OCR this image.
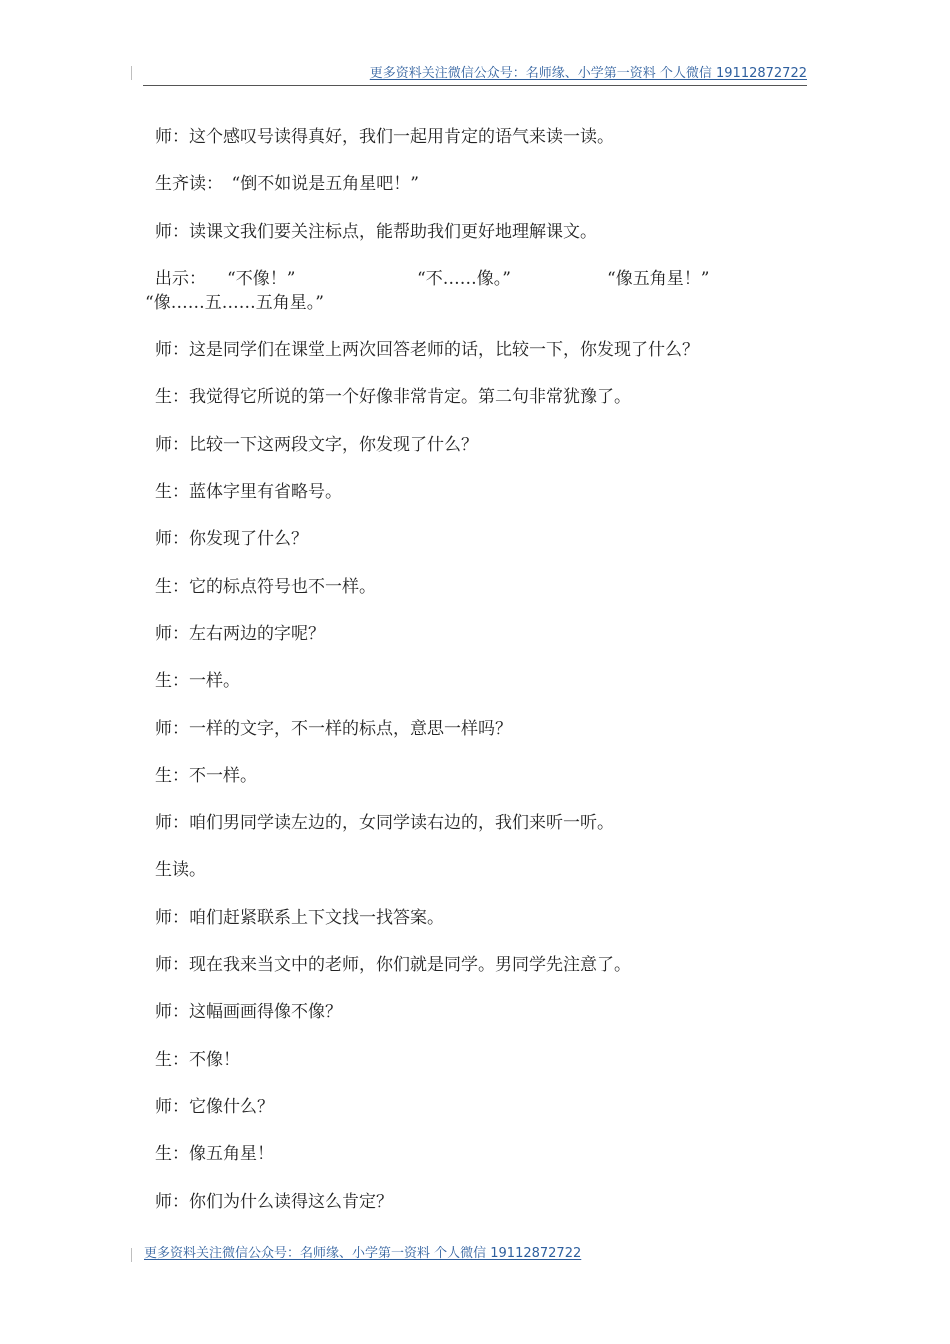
更多资料关注微信公众号：名师缘、小学第一资料 个人微信 19112872722

师：这个感叹号读得真好，我们一起用肯定的语气来读一读。

生齐读：　“倒不如说是五角星吧！”

师：读课文我们要关注标点，能帮助我们更好地理解课文。

出示： “不像！”	“不……像。”	“像五角星！”
“像……五……五角星。”

师：这是同学们在课堂上两次回答老师的话，比较一下，你发现了什么？

生：我觉得它所说的第一个好像非常肯定。第二句非常犹豫了。

师：比较一下这两段文字，你发现了什么？

生：蓝体字里有省略号。

师：你发现了什么？

生：它的标点符号也不一样。

师：左右两边的字呢？

生：一样。

师：一样的文字，不一样的标点，意思一样吗？

生：不一样。

师：咱们男同学读左边的，女同学读右边的，我们来听一听。

生读。

师：咱们赶紧联系上下文找一找答案。

师：现在我来当文中的老师，你们就是同学。男同学先注意了。

师：这幅画画得像不像？

生：不像！

师：它像什么？

生：像五角星！

师：你们为什么读得这么肯定？

更多资料关注微信公众号：名师缘、小学第一资料 个人微信 19112872722
